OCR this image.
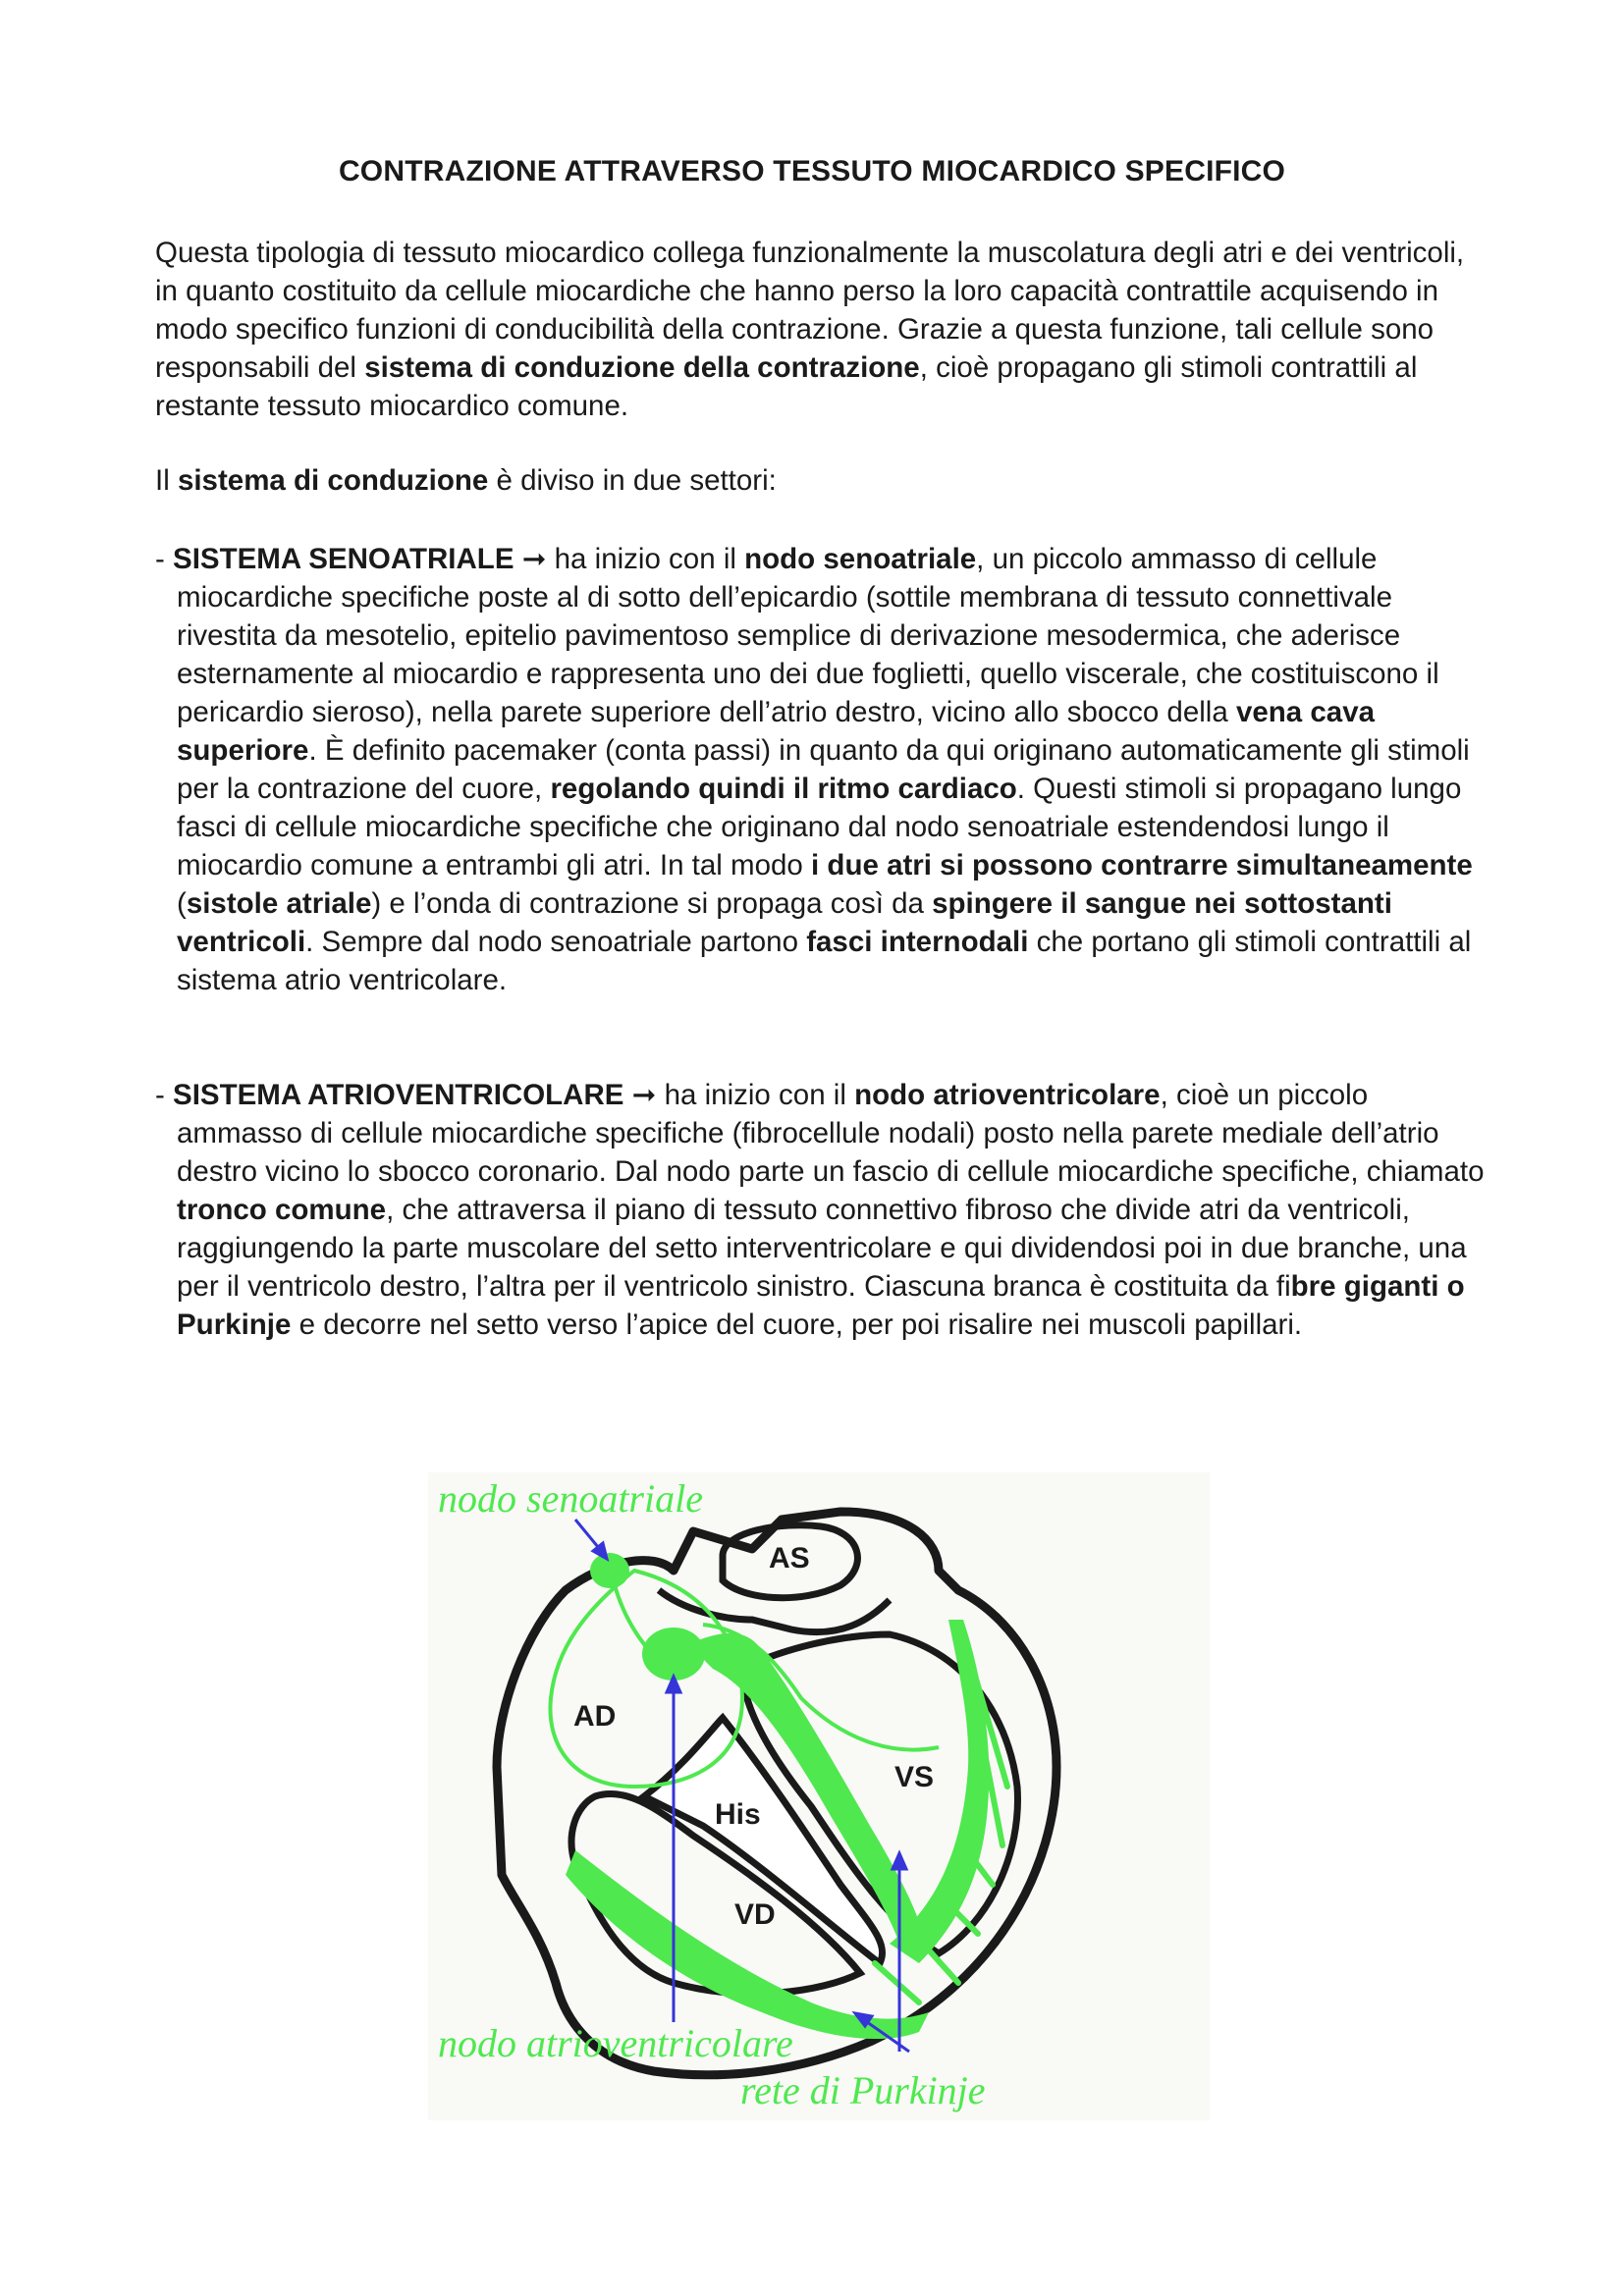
CONTRAZIONE ATTRAVERSO TESSUTO MIOCARDICO SPECIFICO
Questa tipologia di tessuto miocardico collega funzionalmente la muscolatura degli atri e dei ventricoli, in quanto costituito da cellule miocardiche che hanno perso la loro capacità contrattile acquisendo in modo specifico funzioni di conducibilità della contrazione. Grazie a questa funzione, tali cellule sono responsabili del sistema di conduzione della contrazione, cioè propagano gli stimoli contrattili al restante tessuto miocardico comune.
Il sistema di conduzione è diviso in due settori:
- SISTEMA SENOATRIALE ➞ ha inizio con il nodo senoatriale, un piccolo ammasso di cellule miocardiche specifiche poste al di sotto dell’epicardio (sottile membrana di tessuto connettivale rivestita da mesotelio, epitelio pavimentoso semplice di derivazione mesodermica, che aderisce esternamente al miocardio e rappresenta uno dei due foglietti, quello viscerale, che costituiscono il pericardio sieroso), nella parete superiore dell’atrio destro, vicino allo sbocco della vena cava superiore. È definito pacemaker (conta passi) in quanto da qui originano automaticamente gli stimoli per la contrazione del cuore, regolando quindi il ritmo cardiaco. Questi stimoli si propagano lungo fasci di cellule miocardiche specifiche che originano dal nodo senoatriale estendendosi lungo il miocardio comune a entrambi gli atri. In tal modo i due atri si possono contrarre simultaneamente (sistole atriale) e l’onda di contrazione si propaga così da spingere il sangue nei sottostanti ventricoli. Sempre dal nodo senoatriale partono fasci internodali che portano gli stimoli contrattili al sistema atrio ventricolare.
- SISTEMA ATRIOVENTRICOLARE ➞ ha inizio con il nodo atrioventricolare, cioè un piccolo ammasso di cellule miocardiche specifiche (fibrocellule nodali) posto nella parete mediale dell’atrio destro vicino lo sbocco coronario. Dal nodo parte un fascio di cellule miocardiche specifiche, chiamato tronco comune, che attraversa il piano di tessuto connettivo fibroso che divide atri da ventricoli, raggiungendo la parte muscolare del setto interventricolare e qui dividendosi poi in due branche, una per il ventricolo destro, l’altra per il ventricolo sinistro. Ciascuna branca è costituita da fibre giganti o Purkinje e decorre nel setto verso l’apice del cuore, per poi risalire nei muscoli papillari.
nodo senoatriale
nodo atrioventricolare
rete di Purkinje
AS
AD
VS
VD
His
